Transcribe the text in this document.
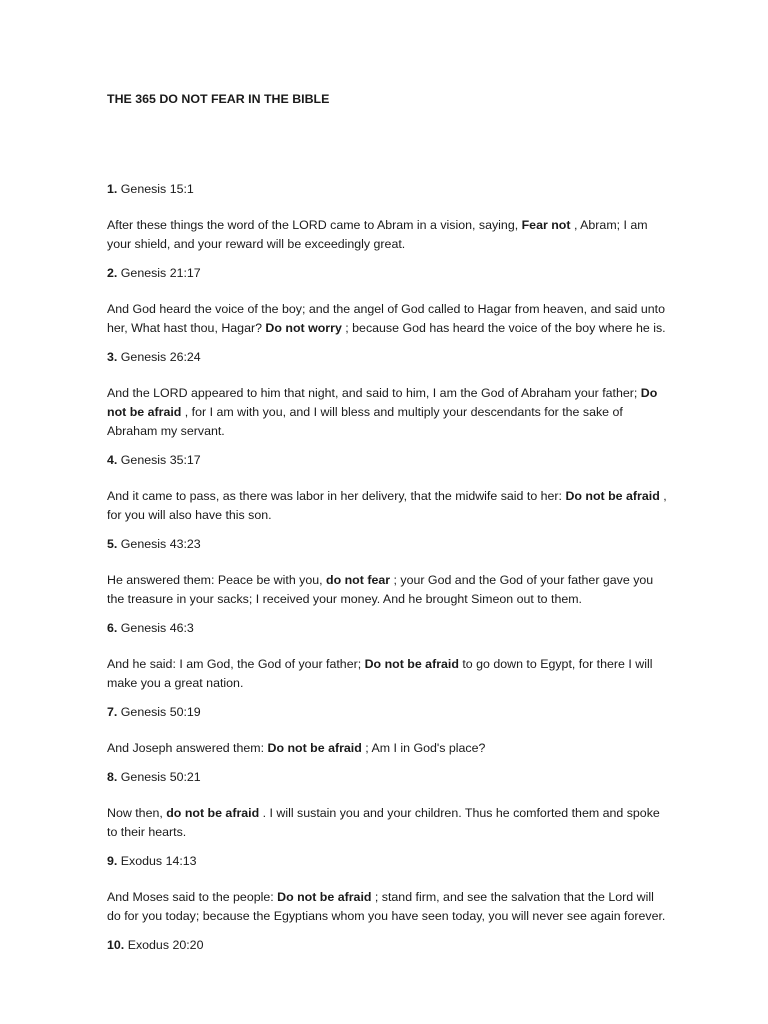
THE 365 DO NOT FEAR IN THE BIBLE

1. Genesis 15:1

After these things the word of the LORD came to Abram in a vision, saying, Fear not , Abram; I am your shield, and your reward will be exceedingly great.

2. Genesis 21:17

And God heard the voice of the boy; and the angel of God called to Hagar from heaven, and said unto her, What hast thou, Hagar? Do not worry ; because God has heard the voice of the boy where he is.

3. Genesis 26:24

And the LORD appeared to him that night, and said to him, I am the God of Abraham your father; Do not be afraid , for I am with you, and I will bless and multiply your descendants for the sake of Abraham my servant.

4. Genesis 35:17

And it came to pass, as there was labor in her delivery, that the midwife said to her: Do not be afraid , for you will also have this son.

5. Genesis 43:23

He answered them: Peace be with you, do not fear ; your God and the God of your father gave you the treasure in your sacks; I received your money. And he brought Simeon out to them.

6. Genesis 46:3

And he said: I am God, the God of your father; Do not be afraid to go down to Egypt, for there I will make you a great nation.

7. Genesis 50:19

And Joseph answered them: Do not be afraid ; Am I in God's place?

8. Genesis 50:21

Now then, do not be afraid . I will sustain you and your children. Thus he comforted them and spoke to their hearts.

9. Exodus 14:13

And Moses said to the people: Do not be afraid ; stand firm, and see the salvation that the Lord will do for you today; because the Egyptians whom you have seen today, you will never see again forever.

10. Exodus 20:20
